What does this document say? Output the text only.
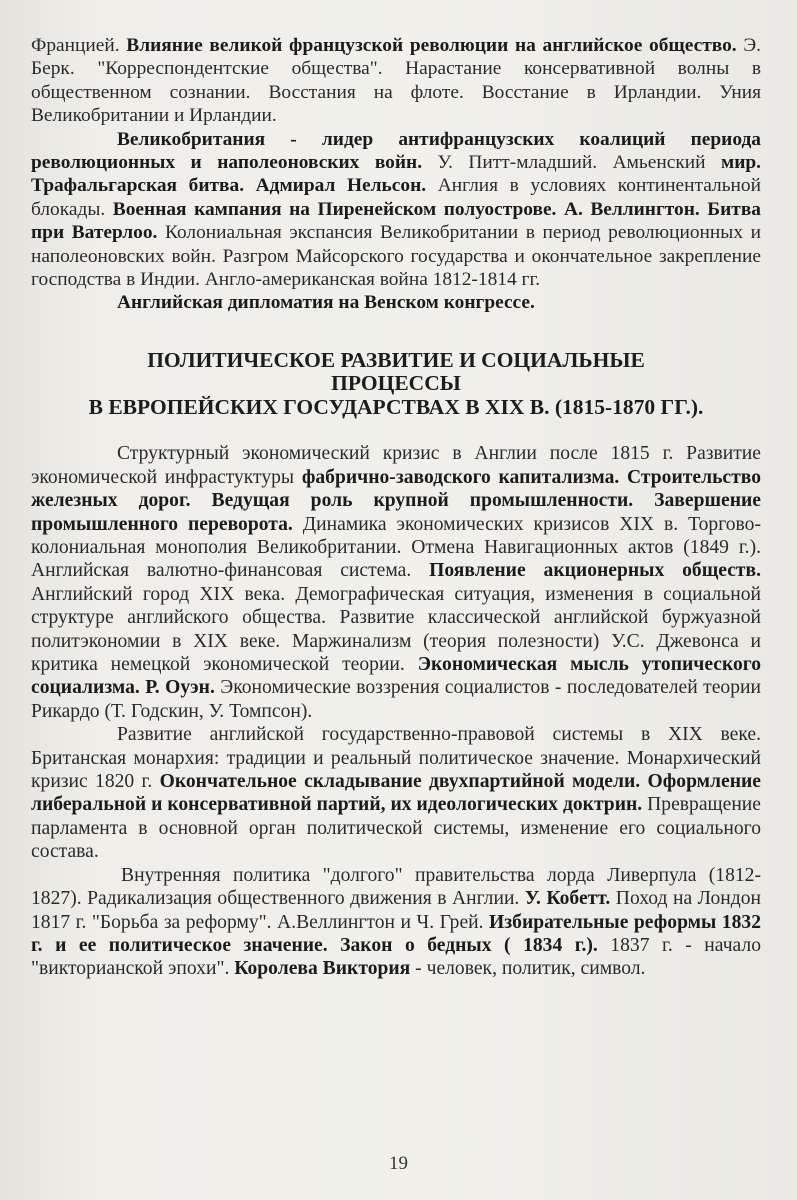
Францией. Влияние великой французской революции на английское общество. Э. Берк. "Корреспондентские общества". Нарастание консервативной волны в общественном сознании. Восстания на флоте. Восстание в Ирландии. Уния Великобритании и Ирландии.

Великобритания - лидер антифранцузских коалиций периода революционных и наполеоновских войн. У. Питт-младший. Амьенский мир. Трафальгарская битва. Адмирал Нельсон. Англия в условиях континентальной блокады. Военная кампания на Пиренейском полуострове. А. Веллингтон. Битва при Ватерлоо. Колониальная экспансия Великобритании в период революционных и наполеоновских войн. Разгром Майсорского государства и окончательное закрепление господства в Индии. Англо-американская война 1812-1814 гг.

Английская дипломатия на Венском конгрессе.

ПОЛИТИЧЕСКОЕ РАЗВИТИЕ И СОЦИАЛЬНЫЕ
ПРОЦЕССЫ
В ЕВРОПЕЙСКИХ ГОСУДАРСТВАХ В XIX В. (1815-1870 ГГ.).

Структурный экономический кризис в Англии после 1815 г. Развитие экономической инфрастуктуры фабрично-заводского капитализма. Строительство железных дорог. Ведущая роль крупной промышленности. Завершение промышленного переворота. Динамика экономических кризисов XIX в. Торгово-колониальная монополия Великобритании. Отмена Навигационных актов (1849 г.). Английская валютно-финансовая система. Появление акционерных обществ. Английский город XIX века. Демографическая ситуация, изменения в социальной структуре английского общества. Развитие классической английской буржуазной политэкономии в XIX веке. Маржинализм (теория полезности) У.С. Джевонса и критика немецкой экономической теории. Экономическая мысль утопического социализма. Р. Оуэн. Экономические воззрения социалистов - последователей теории Рикардо (Т. Годскин, У. Томпсон).

Развитие английской государственно-правовой системы в XIX веке. Британская монархия: традиции и реальный политическое значение. Монархический кризис 1820 г. Окончательное складывание двухпартийной модели. Оформление либеральной и консервативной партий, их идеологических доктрин. Превращение парламента в основной орган политической системы, изменение его социального состава.

Внутренняя политика "долгого" правительства лорда Ливерпула (1812-1827). Радикализация общественного движения в Англии. У. Кобетт. Поход на Лондон 1817 г. "Борьба за реформу". А.Веллингтон и Ч. Грей. Избирательные реформы 1832 г. и ее политическое значение. Закон о бедных ( 1834 г.). 1837 г. - начало "викторианской эпохи". Королева Виктория - человек, политик, символ.

19
